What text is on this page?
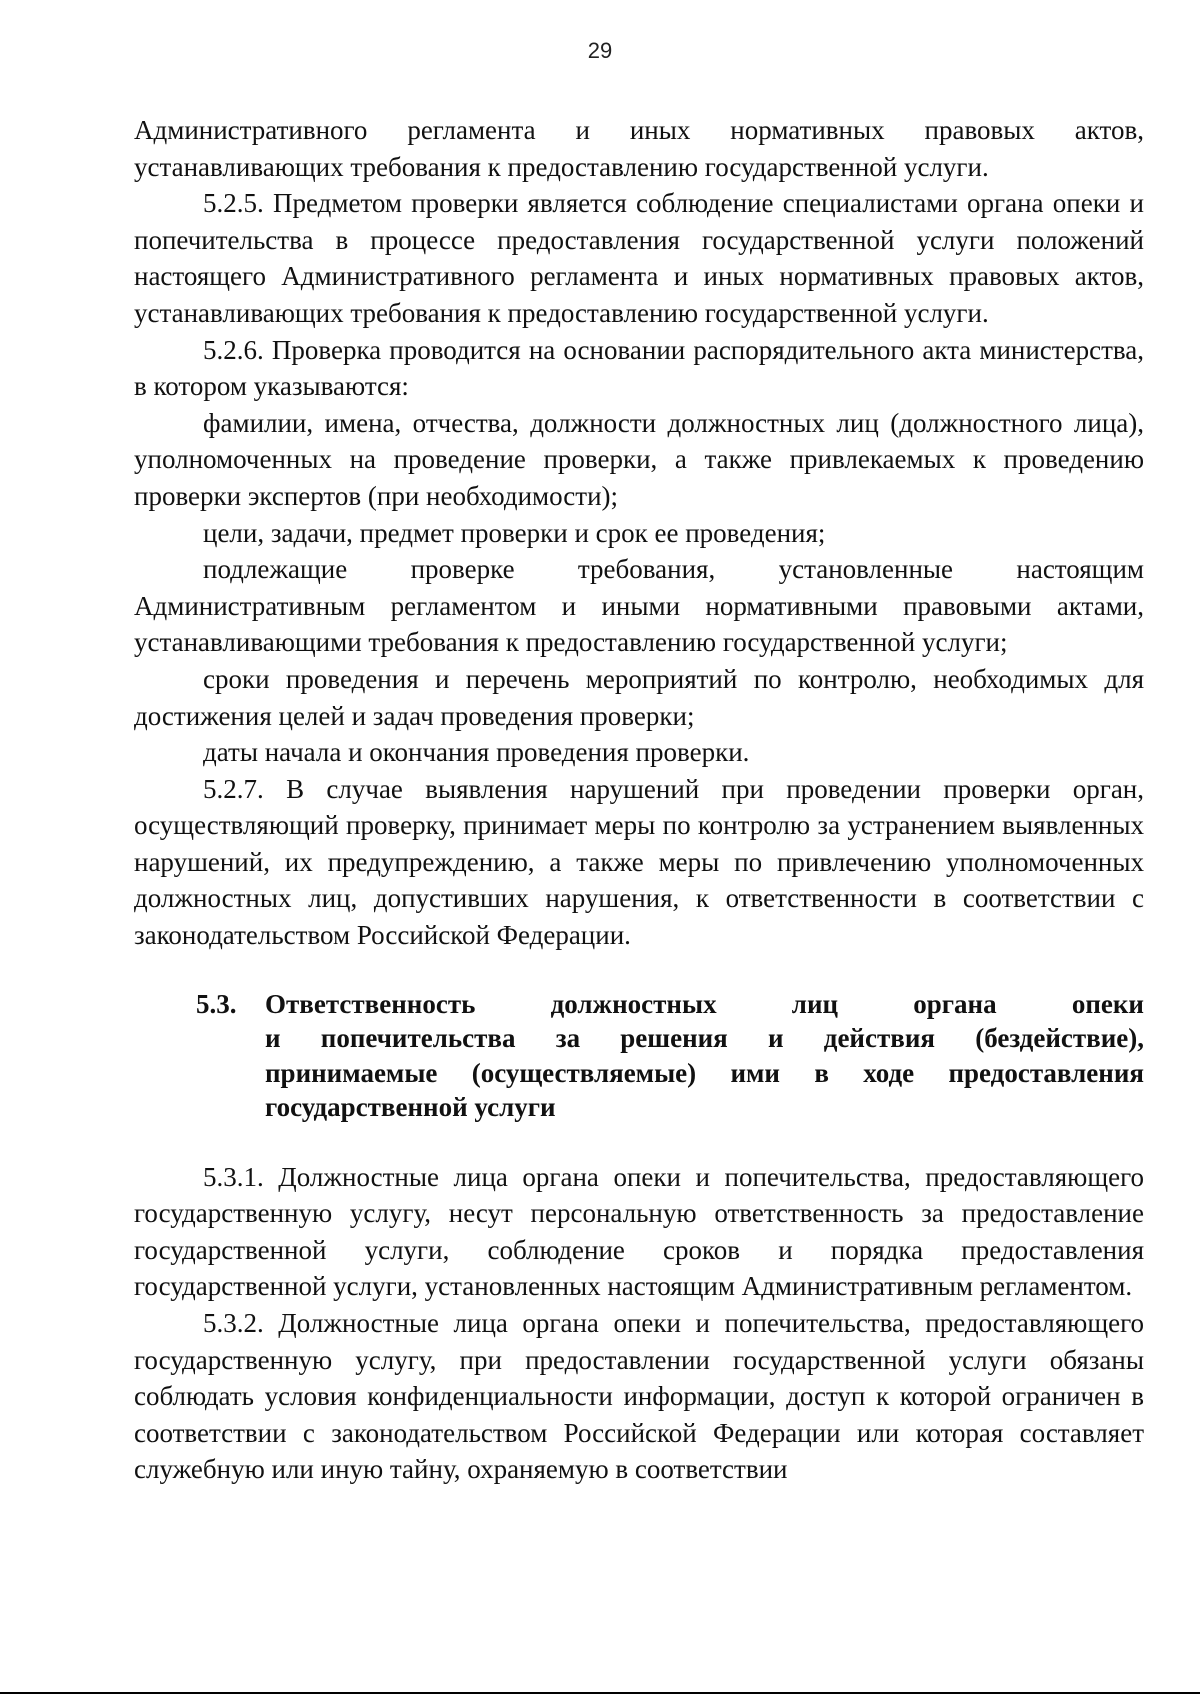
29

Административного регламента и иных нормативных правовых актов, устанавливающих требования к предоставлению государственной услуги.

5.2.5. Предметом проверки является соблюдение специалистами органа опеки и попечительства в процессе предоставления государственной услуги положений настоящего Административного регламента и иных нормативных правовых актов, устанавливающих требования к предоставлению государственной услуги.

5.2.6. Проверка проводится на основании распорядительного акта министерства, в котором указываются:

фамилии, имена, отчества, должности должностных лиц (должностного лица), уполномоченных на проведение проверки, а также привлекаемых к проведению проверки экспертов (при необходимости);

цели, задачи, предмет проверки и срок ее проведения;

подлежащие проверке требования, установленные настоящим Административным регламентом и иными нормативными правовыми актами, устанавливающими требования к предоставлению государственной услуги;

сроки проведения и перечень мероприятий по контролю, необходимых для достижения целей и задач проведения проверки;

даты начала и окончания проведения проверки.

5.2.7. В случае выявления нарушений при проведении проверки орган, осуществляющий проверку, принимает меры по контролю за устранением выявленных нарушений, их предупреждению, а также меры по привлечению уполномоченных должностных лиц, допустивших нарушения, к ответственности в соответствии с законодательством Российской Федерации.

5.3. Ответственность должностных лиц органа опеки
и попечительства за решения и действия (бездействие),
принимаемые (осуществляемые) ими в ходе предоставления
государственной услуги

5.3.1. Должностные лица органа опеки и попечительства, предоставляющего государственную услугу, несут персональную ответственность за предоставление государственной услуги, соблюдение сроков и порядка предоставления государственной услуги, установленных настоящим Административным регламентом.

5.3.2. Должностные лица органа опеки и попечительства, предоставляющего государственную услугу, при предоставлении государственной услуги обязаны соблюдать условия конфиденциальности информации, доступ к которой ограничен в соответствии с законодательством Российской Федерации или которая составляет служебную или иную тайну, охраняемую в соответствии
